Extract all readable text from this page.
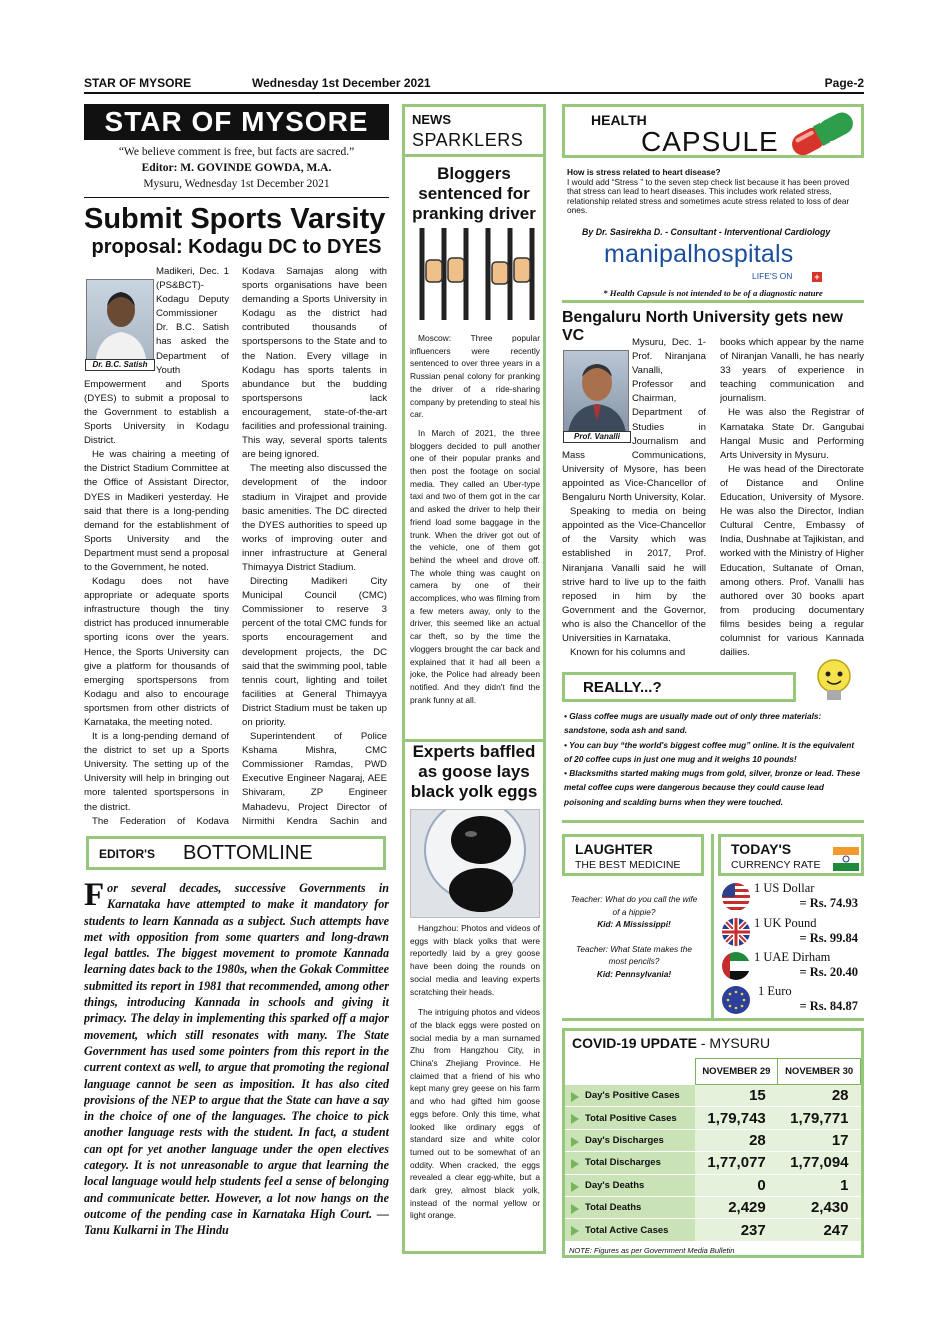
STAR OF MYSORE	Wednesday 1st December 2021	Page-2
STAR OF MYSORE
“We believe comment is free, but facts are sacred.”
Editor: M. GOVINDE GOWDA, M.A.
Mysuru, Wednesday 1st December 2021
Submit Sports Varsity
proposal: Kodagu DC to DYES
Dr. B.C. Satish

Madikeri, Dec. 1 (PS&BCT)- Kodagu Deputy Commissioner Dr. B.C. Satish has asked the Department of Youth Empowerment and Sports (DYES) to submit a proposal to the Government to establish a Sports University in Kodagu District.

He was chairing a meeting of the District Stadium Committee at the Office of Assistant Director, DYES in Madikeri yesterday. He said that there is a long-pending demand for the establishment of Sports University and the Department must send a proposal to the Government, he noted.

Kodagu does not have appropriate or adequate sports infrastructure though the tiny district has produced innumerable sporting icons over the years. Hence, the Sports University can give a platform for thousands of emerging sportspersons from Kodagu and also to encourage sportsmen from other districts of Karnataka, the meeting noted.

It is a long-pending demand of the district to set up a Sports University. The setting up of the University will help in bringing out more talented sportspersons in the district.

The Federation of Kodava

Kodava Samajas along with sports organisations have been demanding a Sports University in Kodagu as the district had contributed thousands of sportspersons to the State and to the Nation. Every village in Kodagu has sports talents in abundance but the budding sportspersons lack encouragement, state-of-the-art facilities and professional training. This way, several sports talents are being ignored.

The meeting also discussed the development of the indoor stadium in Virajpet and provide basic amenities. The DC directed the DYES authorities to speed up works of improving outer and inner infrastructure at General Thimayya District Stadium.

Directing Madikeri City Municipal Council (CMC) Commissioner to reserve 3 percent of the total CMC funds for sports encouragement and development projects, the DC said that the swimming pool, table tennis court, lighting and toilet facilities at General Thimayya District Stadium must be taken up on priority.

Superintendent of Police Kshama Mishra, CMC Commissioner Ramdas, PWD Executive Engineer Nagaraj, AEE Shivaram, ZP Engineer Mahadevu, Project Director of Nirmithi Kendra Sachin and

EDITOR'S BOTTOMLINE
For several decades, successive Governments in Karnataka have attempted to make it mandatory for students to learn Kannada as a subject. Such attempts have met with opposition from some quarters and long-drawn legal battles. The biggest movement to promote Kannada learning dates back to the 1980s, when the Gokak Committee submitted its report in 1981 that recommended, among other things, introducing Kannada in schools and giving it primacy. The delay in implementing this sparked off a major movement, which still resonates with many. The State Government has used some pointers from this report in the current context as well, to argue that promoting the regional language cannot be seen as imposition. It has also cited provisions of the NEP to argue that the State can have a say in the choice of one of the languages. The choice to pick another language rests with the student. In fact, a student can opt for yet another language under the open electives category. It is not unreasonable to argue that learning the local language would help students feel a sense of belonging and communicate better. However, a lot now hangs on the outcome of the pending case in Karnataka High Court. — Tanu Kulkarni in The Hindu
NEWS
SPARKLERS
Bloggers sentenced for pranking driver

Moscow: Three popular influencers were recently sentenced to over three years in a Russian penal colony for pranking the driver of a ride-sharing company by pretending to steal his car.

In March of 2021, the three bloggers decided to pull another one of their popular pranks and then post the footage on social media. They called an Uber-type taxi and two of them got in the car and asked the driver to help their friend load some baggage in the trunk. When the driver got out of the vehicle, one of them got behind the wheel and drove off. The whole thing was caught on camera by one of their accomplices, who was filming from a few meters away, only to the driver, this seemed like an actual car theft, so by the time the vloggers brought the car back and explained that it had all been a joke, the Police had already been notified. And they didn't find the prank funny at all.

Experts baffled as goose lays black yolk eggs

Hangzhou: Photos and videos of eggs with black yolks that were reportedly laid by a grey goose have been doing the rounds on social media and leaving experts scratching their heads.

The intriguing photos and videos of the black eggs were posted on social media by a man surnamed Zhu from Hangzhou City, in China's Zhejiang Province. He claimed that a friend of his who kept many grey geese on his farm and who had gifted him goose eggs before. Only this time, what looked like ordinary eggs of standard size and white color turned out to be somewhat of an oddity. When cracked, the eggs revealed a clear egg-white, but a dark grey, almost black yolk, instead of the normal yellow or light orange.

HEALTH
CAPSULE
How is stress related to heart disease?
I would add “Stress ” to the seven step check list because it has been proved that stress can lead to heart diseases. This includes work related stress, relationship related stress and sometimes acute stress related to loss of dear ones.
By Dr. Sasirekha D. - Consultant - Interventional Cardiology
manipalhospitals
LIFE'S ON +
* Health Capsule is not intended to be of a diagnostic nature
Bengaluru North University gets new VC
Prof. Vanalli

Mysuru, Dec. 1- Prof. Niranjana Vanalli, Professor and Chairman, Department of Studies in Journalism and Mass Communications, University of Mysore, has been appointed as Vice-Chancellor of Bengaluru North University, Kolar.

Speaking to media on being appointed as the Vice-Chancellor of the Varsity which was established in 2017, Prof. Niranjana Vanalli said he will strive hard to live up to the faith reposed in him by the Government and the Governor, who is also the Chancellor of the Universities in Karnataka.

Known for his columns and

books which appear by the name of Niranjan Vanalli, he has nearly 33 years of experience in teaching communication and journalism.

He was also the Registrar of Karnataka State Dr. Gangubai Hangal Music and Performing Arts University in Mysuru.

He was head of the Directorate of Distance and Online Education, University of Mysore. He was also the Director, Indian Cultural Centre, Embassy of India, Dushnabe at Tajikistan, and worked with the Ministry of Higher Education, Sultanate of Oman, among others. Prof. Vanalli has authored over 30 books apart from producing documentary films besides being a regular columnist for various Kannada dailies.

REALLY...?
• Glass coffee mugs are usually made out of only three materials: sandstone, soda ash and sand.
• You can buy “the world's biggest coffee mug” online. It is the equivalent of 20 coffee cups in just one mug and it weighs 10 pounds!
• Blacksmiths started making mugs from gold, silver, bronze or lead. These metal coffee cups were dangerous because they could cause lead poisoning and scalding burns when they were touched.
LAUGHTER
THE BEST MEDICINE
Teacher: What do you call the wife of a hippie?
Kid: A Mississippi!
Teacher: What State makes the most pencils?
Kid: Pennsylvania!
TODAY'S
CURRENCY RATE
1 US Dollar
= Rs. 74.93
1 UK Pound
= Rs. 99.84
1 UAE Dirham
= Rs. 20.40
1 Euro
= Rs. 84.87
COVID-19 UPDATE - MYSURU
	NOVEMBER 29	NOVEMBER 30

Day's Positive Cases	15	28

Total Positive Cases	1,79,743	1,79,771

Day's Discharges	28	17

Total Discharges	1,77,077	1,77,094

Day's Deaths	0	1

Total Deaths	2,429	2,430

Total Active Cases	237	247
NOTE: Figures as per Government Media Bulletin
